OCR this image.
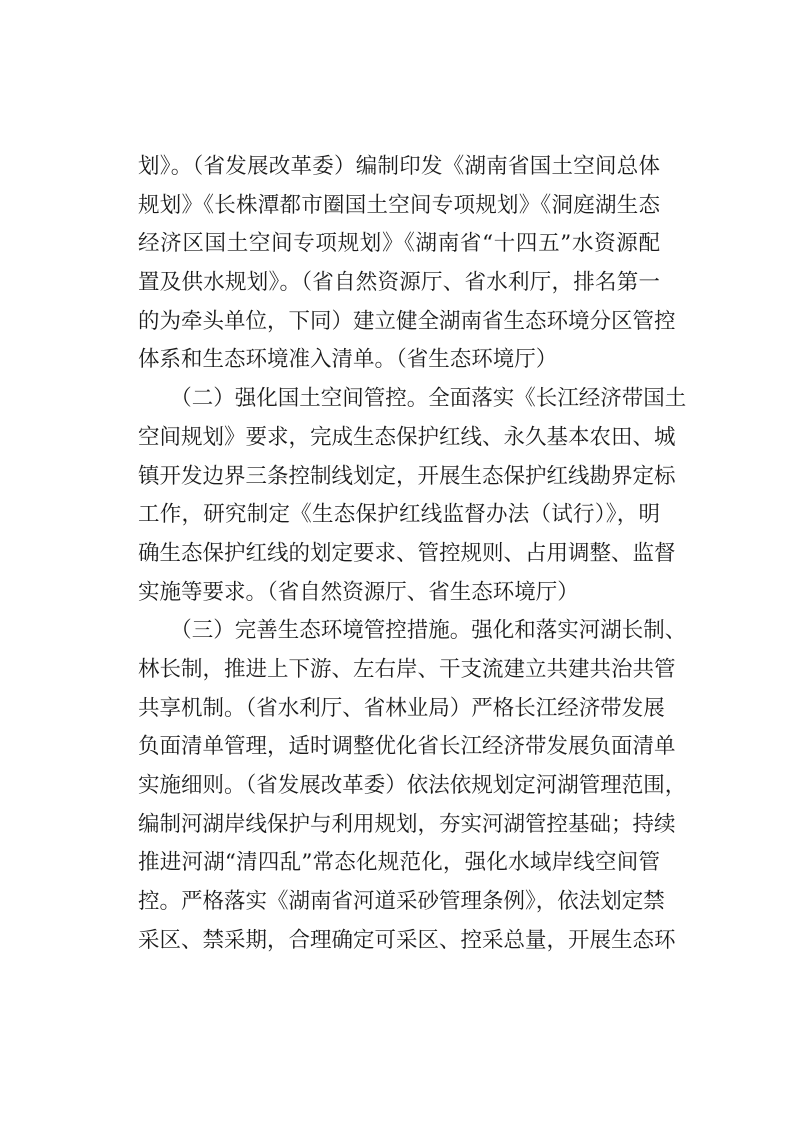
划》。（省发展改革委）编制印发《湖南省国土空间总体
规划》《长株潭都市圈国土空间专项规划》《洞庭湖生态
经济区国土空间专项规划》《湖南省“十四五”水资源配
置及供水规划》。（省自然资源厅、省水利厅，排名第一
的为牵头单位，下同）建立健全湖南省生态环境分区管控
体系和生态环境准入清单。（省生态环境厅）
　　（二）强化国土空间管控。全面落实《长江经济带国土
空间规划》要求，完成生态保护红线、永久基本农田、城
镇开发边界三条控制线划定，开展生态保护红线勘界定标
工作，研究制定《生态保护红线监督办法（试行）》，明
确生态保护红线的划定要求、管控规则、占用调整、监督
实施等要求。（省自然资源厅、省生态环境厅）
　　（三）完善生态环境管控措施。强化和落实河湖长制、
林长制，推进上下游、左右岸、干支流建立共建共治共管
共享机制。（省水利厅、省林业局）严格长江经济带发展
负面清单管理，适时调整优化省长江经济带发展负面清单
实施细则。（省发展改革委）依法依规划定河湖管理范围，
编制河湖岸线保护与利用规划，夯实河湖管控基础；持续
推进河湖“清四乱”常态化规范化，强化水域岸线空间管
控。严格落实《湖南省河道采砂管理条例》，依法划定禁
采区、禁采期，合理确定可采区、控采总量，开展生态环
